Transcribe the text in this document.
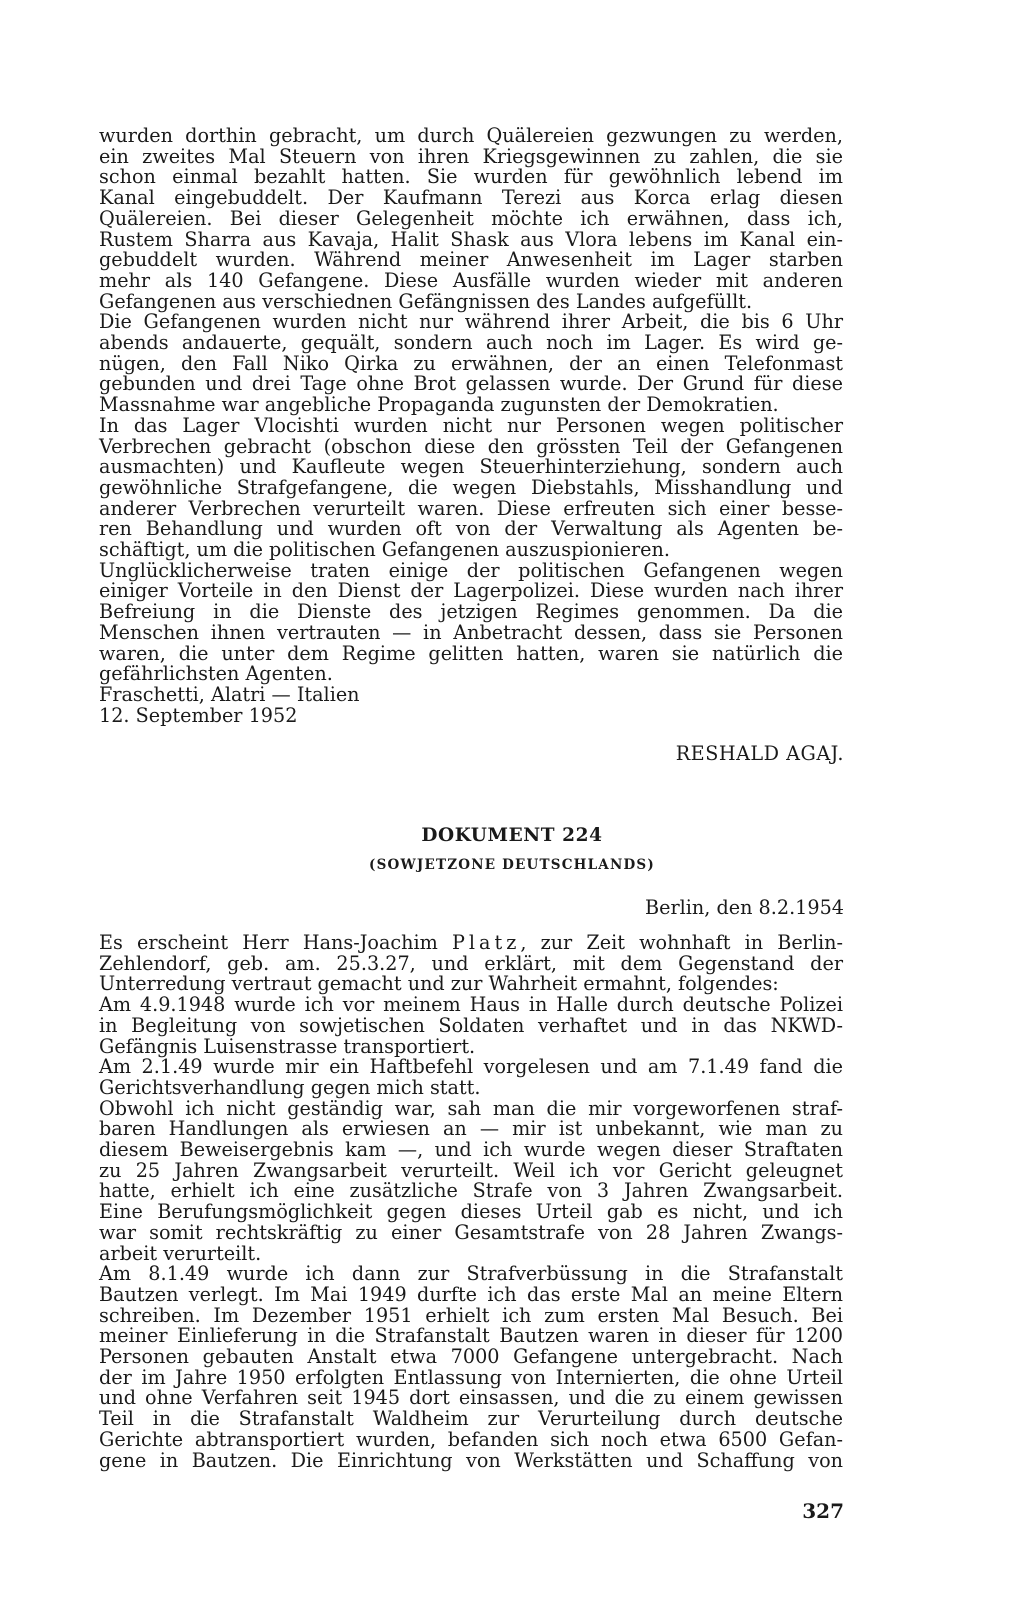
wurden dorthin gebracht, um durch Quälereien gezwungen zu werden,
ein zweites Mal Steuern von ihren Kriegsgewinnen zu zahlen, die sie
schon einmal bezahlt hatten. Sie wurden für gewöhnlich lebend im
Kanal eingebuddelt. Der Kaufmann Terezi aus Korca erlag diesen
Quälereien. Bei dieser Gelegenheit möchte ich erwähnen, dass ich,
Rustem Sharra aus Kavaja, Halit Shask aus Vlora lebens im Kanal ein-
gebuddelt wurden. Während meiner Anwesenheit im Lager starben
mehr als 140 Gefangene. Diese Ausfälle wurden wieder mit anderen
Gefangenen aus verschiednen Gefängnissen des Landes aufgefüllt.
Die Gefangenen wurden nicht nur während ihrer Arbeit, die bis 6 Uhr
abends andauerte, gequält, sondern auch noch im Lager. Es wird ge-
nügen, den Fall Niko Qirka zu erwähnen, der an einen Telefonmast
gebunden und drei Tage ohne Brot gelassen wurde. Der Grund für diese
Massnahme war angebliche Propaganda zugunsten der Demokratien.
In das Lager Vlocishti wurden nicht nur Personen wegen politischer
Verbrechen gebracht (obschon diese den grössten Teil der Gefangenen
ausmachten) und Kaufleute wegen Steuerhinterziehung, sondern auch
gewöhnliche Strafgefangene, die wegen Diebstahls, Misshandlung und
anderer Verbrechen verurteilt waren. Diese erfreuten sich einer besse-
ren Behandlung und wurden oft von der Verwaltung als Agenten be-
schäftigt, um die politischen Gefangenen auszuspionieren.
Unglücklicherweise traten einige der politischen Gefangenen wegen
einiger Vorteile in den Dienst der Lagerpolizei. Diese wurden nach ihrer
Befreiung in die Dienste des jetzigen Regimes genommen. Da die
Menschen ihnen vertrauten — in Anbetracht dessen, dass sie Personen
waren, die unter dem Regime gelitten hatten, waren sie natürlich die
gefährlichsten Agenten.
Fraschetti, Alatri — Italien
12. September 1952

RESHALD AGAJ.

DOKUMENT 224

(SOWJETZONE DEUTSCHLANDS)

Berlin, den 8.2.1954

Es erscheint Herr Hans-Joachim Platz, zur Zeit wohnhaft in Berlin-
Zehlendorf, geb. am. 25.3.27, und erklärt, mit dem Gegenstand der
Unterredung vertraut gemacht und zur Wahrheit ermahnt, folgendes:
Am 4.9.1948 wurde ich vor meinem Haus in Halle durch deutsche Polizei
in Begleitung von sowjetischen Soldaten verhaftet und in das NKWD-
Gefängnis Luisenstrasse transportiert.
Am 2.1.49 wurde mir ein Haftbefehl vorgelesen und am 7.1.49 fand die
Gerichtsverhandlung gegen mich statt.
Obwohl ich nicht geständig war, sah man die mir vorgeworfenen straf-
baren Handlungen als erwiesen an — mir ist unbekannt, wie man zu
diesem Beweisergebnis kam —, und ich wurde wegen dieser Straftaten
zu 25 Jahren Zwangsarbeit verurteilt. Weil ich vor Gericht geleugnet
hatte, erhielt ich eine zusätzliche Strafe von 3 Jahren Zwangsarbeit.
Eine Berufungsmöglichkeit gegen dieses Urteil gab es nicht, und ich
war somit rechtskräftig zu einer Gesamtstrafe von 28 Jahren Zwangs-
arbeit verurteilt.
Am 8.1.49 wurde ich dann zur Strafverbüssung in die Strafanstalt
Bautzen verlegt. Im Mai 1949 durfte ich das erste Mal an meine Eltern
schreiben. Im Dezember 1951 erhielt ich zum ersten Mal Besuch. Bei
meiner Einlieferung in die Strafanstalt Bautzen waren in dieser für 1200
Personen gebauten Anstalt etwa 7000 Gefangene untergebracht. Nach
der im Jahre 1950 erfolgten Entlassung von Internierten, die ohne Urteil
und ohne Verfahren seit 1945 dort einsassen, und die zu einem gewissen
Teil in die Strafanstalt Waldheim zur Verurteilung durch deutsche
Gerichte abtransportiert wurden, befanden sich noch etwa 6500 Gefan-
gene in Bautzen. Die Einrichtung von Werkstätten und Schaffung von

327
